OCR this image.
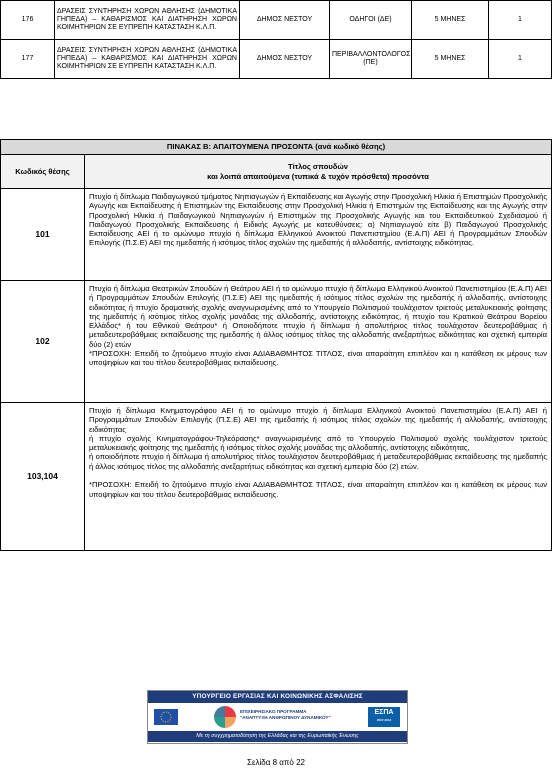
176	ΔΡΑΣΕΙΣ ΣΥΝΤΗΡΗΣΗ ΧΩΡΩΝ ΑΘΛΗΣΗΣ (ΔΗΜΟΤΙΚΑ ΓΗΠΕΔΑ) – ΚΑΘΑΡΙΣΜΟΣ ΚΑΙ ΔΙΑΤΗΡΗΣΗ ΧΩΡΩΝ ΚΟΙΜΗΤΗΡΙΩΝ ΣΕ ΕΥΠΡΕΠΗ ΚΑΤΑΣΤΑΣΗ Κ.Λ.Π.	ΔΗΜΟΣ ΝΕΣΤΟΥ	ΟΔΗΓΟΙ (ΔΕ)	5 ΜΗΝΕΣ	1
177	ΔΡΑΣΕΙΣ ΣΥΝΤΗΡΗΣΗ ΧΩΡΩΝ ΑΘΛΗΣΗΣ (ΔΗΜΟΤΙΚΑ ΓΗΠΕΔΑ) – ΚΑΘΑΡΙΣΜΟΣ ΚΑΙ ΔΙΑΤΗΡΗΣΗ ΧΩΡΩΝ ΚΟΙΜΗΤΗΡΙΩΝ ΣΕ ΕΥΠΡΕΠΗ ΚΑΤΑΣΤΑΣΗ Κ.Λ.Π.	ΔΗΜΟΣ ΝΕΣΤΟΥ	ΠΕΡΙΒΑΛΛΟΝΤΟΛΟΓΟΣ (ΠΕ)	5 ΜΗΝΕΣ	1
ΠΙΝΑΚΑΣ Β: ΑΠΑΙΤΟΥΜΕΝΑ ΠΡΟΣΟΝΤΑ (ανά κωδικό θέσης)	
Κωδικός θέσης	Τίτλος σπουδών
και λοιπά απαιτούμενα (τυπικά & τυχόν πρόσθετα) προσόντα

101	Πτυχίο ή δίπλωμα Παιδαγωγικού τμήματος Νηπιαγωγών ή Εκπαίδευσης και Αγωγής στην Προσχολική Ηλικία ή Επιστημών Προσχολικής Αγωγής και Εκπαίδευσης ή Επιστημών της Εκπαίδευσης στην Προσχολική Ηλικία ή Επιστημών της Εκπαίδευσης και της Αγωγής στην Προσχολική Ηλικία ή Παιδαγωγικού Νηπιαγωγών ή Επιστημών της Προσχολικής Αγωγής και του Εκπαιδευτικού Σχεδιασμού ή Παιδαγωγού Προσχολικής Εκπαίδευσης ή Ειδικής Αγωγής με κατευθύνσεις: α) Νηπιαγωγού είτε β) Παιδαγωγού Προσχολικής Εκπαίδευσης ΑΕΙ ή το ομώνυμο πτυχίο ή δίπλωμα Ελληνικού Ανοικτού Πανεπιστημίου (Ε.Α.Π) ΑΕΙ ή Προγραμμάτων Σπουδών Επιλογής (Π.Σ.Ε) ΑΕΙ της ημεδαπής ή ισότιμος τίτλος σχολών της ημεδαπής ή αλλοδαπής, αντίστοιχης ειδικότητας.

102	Πτυχίο ή δίπλωμα Θεατρικών Σπουδών ή Θεάτρου ΑΕΙ ή το ομώνυμο πτυχίο ή δίπλωμα Ελληνικού Ανοικτού Πανεπιστημίου (Ε.Α.Π) ΑΕΙ ή Προγραμμάτων Σπουδών Επιλογής (Π.Σ.Ε) ΑΕΙ της ημεδαπής ή ισότιμος τίτλος σχολών της ημεδαπής ή αλλοδαπής, αντίστοιχης ειδικότητας ή πτυχίο δραματικής σχολής αναγνωρισμένης από το Υπουργείο Πολιτισμού τουλάχιστον τριετούς μεταλυκειακής φοίτησης της ημεδαπής ή ισότιμος τίτλος σχολής μονάδας της αλλοδαπής, αντίστοιχης ειδικότητας, ή πτυχίο του Κρατικού Θεάτρου Βορείου Ελλάδος* ή του Εθνικού Θεάτρου* ή Οποιοδήποτε πτυχίο ή δίπλωμα ή απολυτήριος τίτλος τουλάχιστον δευτεροβάθμιας ή μεταδευτεροβάθμιας εκπαίδευσης της ημεδαπής ή άλλος ισότιμος τίτλος της αλλοδαπής ανεξαρτήτως ειδικότητας και σχετική εμπειρία δύο (2) ετών
*ΠΡΟΣΟΧΗ: Επειδή το ζητούμενο πτυχίο είναι ΑΔΙΑΒΑΘΜΗΤΟΣ ΤΙΤΛΟΣ, είναι απαραίτητη επιπλέον και η κατάθεση εκ μέρους των υποψηφίων και του τίτλου δευτεροβάθμιας εκπαίδευσης.

103,104	Πτυχίο ή δίπλωμα Κινηματογράφου ΑΕΙ ή το ομώνυμο πτυχίο ή δίπλωμα Ελληνικού Ανοικτού Πανεπιστημίου (Ε.Α.Π) ΑΕΙ ή Προγραμμάτων Σπουδών Επιλογής (Π.Σ.Ε) ΑΕΙ της ημεδαπής ή ισότιμος τίτλος σχολών της ημεδαπής ή αλλοδαπής, αντίστοιχης ειδικότητας
ή πτυχίο σχολής Κινηματογράφου-Τηλεόρασης* αναγνωρισμένης από το Υπουργείο Πολιτισμού σχολής τουλάχιστον τριετούς μεταλυκειακής φοίτησης της ημεδαπής ή ισότιμος τίτλος σχολής μονάδας της αλλοδαπής, αντίστοιχης ειδικότητας,
ή οποιοδήποτε πτυχίο ή δίπλωμα ή απολυτήριος τίτλος τουλάχιστον δευτεροβάθμιας ή μεταδευτεροβάθμιας εκπαίδευσης της ημεδαπής ή άλλος ισότιμος τίτλος της αλλοδαπής ανεξαρτήτως ειδικότητας και σχετική εμπειρία δύο (2) ετών.

*ΠΡΟΣΟΧΗ: Επειδή το ζητούμενο πτυχίο είναι ΑΔΙΑΒΑΘΜΗΤΟΣ ΤΙΤΛΟΣ, είναι απαραίτητη επιπλέον και η κατάθεση εκ μέρους των υποψηφίων και του τίτλου δευτεροβάθμιας εκπαίδευσης.

ΥΠΟΥΡΓΕΙΟ ΕΡΓΑΣΙΑΣ ΚΑΙ ΚΟΙΝΩΝΙΚΗΣ ΑΣΦΑΛΙΣΗΣ
ΕΠΙΧΕΙΡΗΣΙΑΚΟ ΠΡΟΓΡΑΜΜΑ
"ΑΝΑΠΤΥΞΗ ΑΝΘΡΩΠΙΝΟΥ ΔΥΝΑΜΙΚΟΥ"
ΕΣΠΑ
2007-2013
Με τη συγχρηματοδότηση της Ελλάδας και της Ευρωπαϊκής Ένωσης
Σελίδα 8 από 22
